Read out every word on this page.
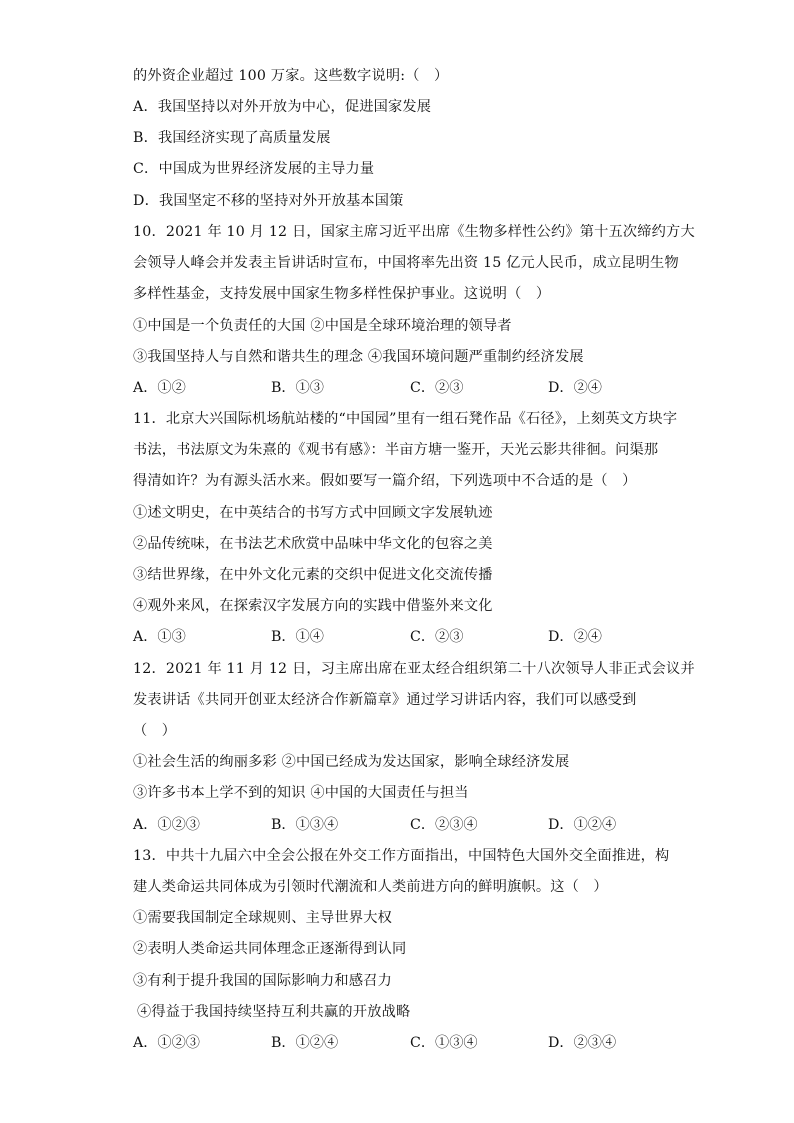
的外资企业超过 100 万家。这些数字说明:（　）
A．我国坚持以对外开放为中心，促进国家发展
B．我国经济实现了高质量发展
C．中国成为世界经济发展的主导力量
D．我国坚定不移的坚持对外开放基本国策
10．2021 年 10 月 12 日，国家主席习近平出席《生物多样性公约》第十五次缔约方大
会领导人峰会并发表主旨讲话时宣布，中国将率先出资 15 亿元人民币，成立昆明生物
多样性基金，支持发展中国家生物多样性保护事业。这说明（　）
①中国是一个负责任的大国 ②中国是全球环境治理的领导者
③我国坚持人与自然和谐共生的理念 ④我国环境问题严重制约经济发展
A．①②	B．①③	C．②③	D．②④
11．北京大兴国际机场航站楼的“中国园”里有一组石凳作品《石径》，上刻英文方块字
书法，书法原文为朱熹的《观书有感》：半亩方塘一鉴开，天光云影共徘徊。问渠那
得清如许？为有源头活水来。假如要写一篇介绍，下列选项中不合适的是（　）
①述文明史，在中英结合的书写方式中回顾文字发展轨迹
②品传统味，在书法艺术欣赏中品味中华文化的包容之美
③结世界缘，在中外文化元素的交织中促进文化交流传播
④观外来风，在探索汉字发展方向的实践中借鉴外来文化
A．①③	B．①④	C．②③	D．②④
12．2021 年 11 月 12 日，习主席出席在亚太经合组织第二十八次领导人非正式会议并
发表讲话《共同开创亚太经济合作新篇章》通过学习讲话内容，我们可以感受到
（　）
①社会生活的绚丽多彩 ②中国已经成为发达国家，影响全球经济发展
③许多书本上学不到的知识 ④中国的大国责任与担当
A．①②③	B．①③④	C．②③④	D．①②④
13．中共十九届六中全会公报在外交工作方面指出，中国特色大国外交全面推进，构
建人类命运共同体成为引领时代潮流和人类前进方向的鲜明旗帜。这（　）
①需要我国制定全球规则、主导世界大权
②表明人类命运共同体理念正逐渐得到认同
③有利于提升我国的国际影响力和感召力
④得益于我国持续坚持互利共赢的开放战略
A．①②③	B．①②④	C．①③④	D．②③④
